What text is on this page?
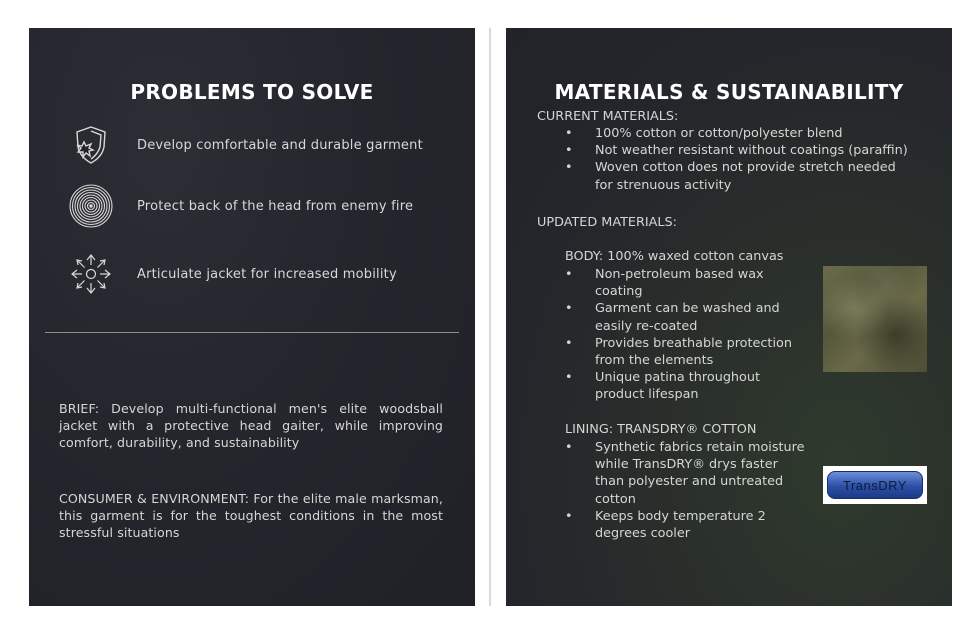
PROBLEMS TO SOLVE
Develop comfortable and durable garment
Protect back of the head from enemy fire
Articulate jacket for increased mobility
BRIEF: Develop multi-functional men's elite woodsball jacket with a protective head gaiter, while improving comfort, durability, and sustainability
CONSUMER & ENVIRONMENT: For the elite male marksman, this garment is for the toughest conditions in the most stressful situations
MATERIALS & SUSTAINABILITY
CURRENT MATERIALS:
• 100% cotton or cotton/polyester blend
• Not weather resistant without coatings (paraffin)
• Woven cotton does not provide stretch needed for strenuous activity
UPDATED MATERIALS:
BODY: 100% waxed cotton canvas
• Non-petroleum based wax coating
• Garment can be washed and easily re-coated
• Provides breathable protection from the elements
• Unique patina throughout product lifespan
LINING: TRANSDRY® COTTON
• Synthetic fabrics retain moisture while TransDRY® drys faster than polyester and untreated cotton
• Keeps body temperature 2 degrees cooler
TransDRY
